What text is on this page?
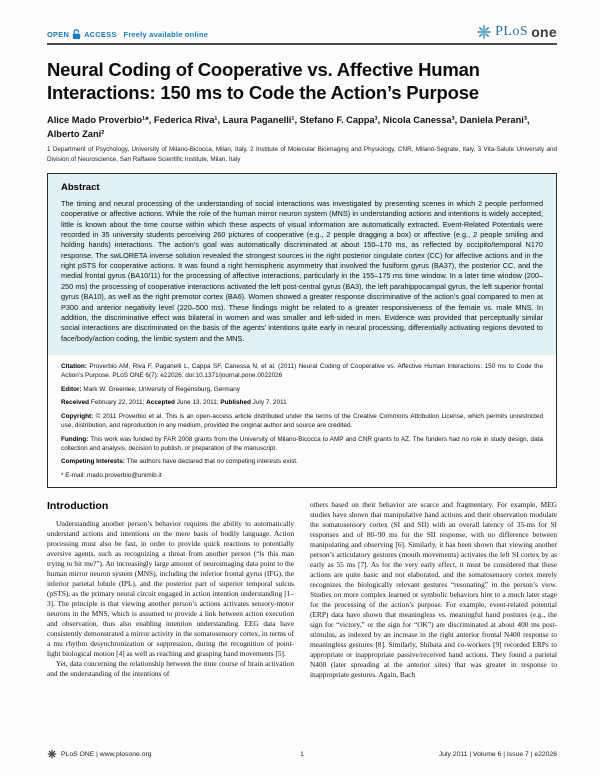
OPEN ACCESS Freely available online	PLoS one
Neural Coding of Cooperative vs. Affective Human Interactions: 150 ms to Code the Action’s Purpose
Alice Mado Proverbio¹*, Federica Riva¹, Laura Paganelli¹, Stefano F. Cappa³, Nicola Canessa³, Daniela Perani³, Alberto Zani²
1 Department of Psychology, University of Milano-Bicocca, Milan, Italy, 2 Institute of Molecular Bioimaging and Physiology, CNR, Milano-Segrate, Italy, 3 Vita-Salute University and Division of Neuroscience, San Raffaele Scientific Institute, Milan, Italy
Abstract

The timing and neural processing of the understanding of social interactions was investigated by presenting scenes in which 2 people performed cooperative or affective actions. While the role of the human mirror neuron system (MNS) in understanding actions and intentions is widely accepted, little is known about the time course within which these aspects of visual information are automatically extracted. Event-Related Potentials were recorded in 35 university students perceiving 260 pictures of cooperative (e.g., 2 people dragging a box) or affective (e.g., 2 people smiling and holding hands) interactions. The action’s goal was automatically discriminated at about 150–170 ms, as reflected by occipito/temporal N170 response. The swLORETA inverse solution revealed the strongest sources in the right posterior cingulate cortex (CC) for affective actions and in the right pSTS for cooperative actions. It was found a right hemispheric asymmetry that involved the fusiform gyrus (BA37), the posterior CC, and the medial frontal gyrus (BA10/11) for the processing of affective interactions, particularly in the 155–175 ms time window. In a later time window (200–250 ms) the processing of cooperative interactions activated the left post-central gyrus (BA3), the left parahippocampal gyrus, the left superior frontal gyrus (BA10), as well as the right premotor cortex (BA6). Women showed a greater response discriminative of the action’s goal compared to men at P300 and anterior negativity level (220–500 ms). These findings might be related to a greater responsiveness of the female vs. male MNS. In addition, the discriminative effect was bilateral in women and was smaller and left-sided in men. Evidence was provided that perceptually similar social interactions are discriminated on the basis of the agents’ intentions quite early in neural processing, differentially activating regions devoted to face/body/action coding, the limbic system and the MNS.

Citation: Proverbio AM, Riva F, Paganelli L, Cappa SF, Canessa N, et al. (2011) Neural Coding of Cooperative vs. Affective Human Interactions: 150 ms to Code the Action’s Purpose. PLoS ONE 6(7): e22026. doi:10.1371/journal.pone.0022026

Editor: Mark W. Greenlee, University of Regensburg, Germany

Received February 22, 2011; Accepted June 13, 2011; Published July 7, 2011

Copyright: © 2011 Proverbio et al. This is an open-access article distributed under the terms of the Creative Commons Attribution License, which permits unrestricted use, distribution, and reproduction in any medium, provided the original author and source are credited.

Funding: This work was funded by FAR 2008 grants from the University of Milano-Bicocca to AMP and CNR grants to AZ. The funders had no role in study design, data collection and analysis, decision to publish, or preparation of the manuscript.

Competing Interests: The authors have declared that no competing interests exist.

* E-mail: mado.proverbio@unimib.it

Introduction

Understanding another person’s behavior requires the ability to automatically understand actions and intentions on the mere basis of bodily language. Action processing must also be fast, in order to provide quick reactions to potentially aversive agents, such as recognizing a threat from another person (“is this man trying to hit me?”). An increasingly large amount of neuroimaging data point to the human mirror neuron system (MNS), including the inferior frontal gyrus (IFG), the inferior parietal lobule (IPL), and the posterior part of superior temporal sulcus (pSTS), as the primary neural circuit engaged in action intention understanding [1–3]. The principle is that viewing another person’s actions activates sensory-motor neurons in the MNS, which is assumed to provide a link between action execution and observation, thus also enabling intention understanding. EEG data have consistently demonstrated a mirror activity in the somatosensory cortex, in terms of a mu rhythm desynchronization or suppression, during the recognition of point-light biological motion [4] as well as reaching and grasping hand movements [5].

Yet, data concerning the relationship between the time course of brain activation and the understanding of the intentions of

others based on their behavior are scarce and fragmentary. For example, MEG studies have shown that manipulative hand actions and their observation modulate the somatosensory cortex (SI and SII) with an overall latency of 35-ms for SI responses and of 80–90 ms for the SII response, with no difference between manipulating and observing [6]. Similarly, it has been shown that viewing another person’s articulatory gestures (mouth movements) activates the left SI cortex by as early as 55 ms [7]. As for the very early effect, it must be considered that these actions are quite basic and not elaborated, and the somatosensory cortex merely recognizes the biologically relevant gestures “resonating” in the person’s view. Studies on more complex learned or symbolic behaviors hint to a much later stage for the processing of the action’s purpose. For example, event-related potential (ERP) data have shown that meaningless vs. meaningful hand postures (e.g., the sign for “victory,” or the sign for “OK”) are discriminated at about 400 ms post-stimulus, as indexed by an increase in the right anterior frontal N400 response to meaningless gestures [8]. Similarly, Shibata and co-workers [9] recorded ERPs to appropriate or inappropriate passive/received hand actions. They found a parietal N400 (later spreading at the anterior sites) that was greater in response to inappropriate gestures. Again, Bach

PLoS ONE | www.plosone.org	1	July 2011 | Volume 6 | Issue 7 | e22026
